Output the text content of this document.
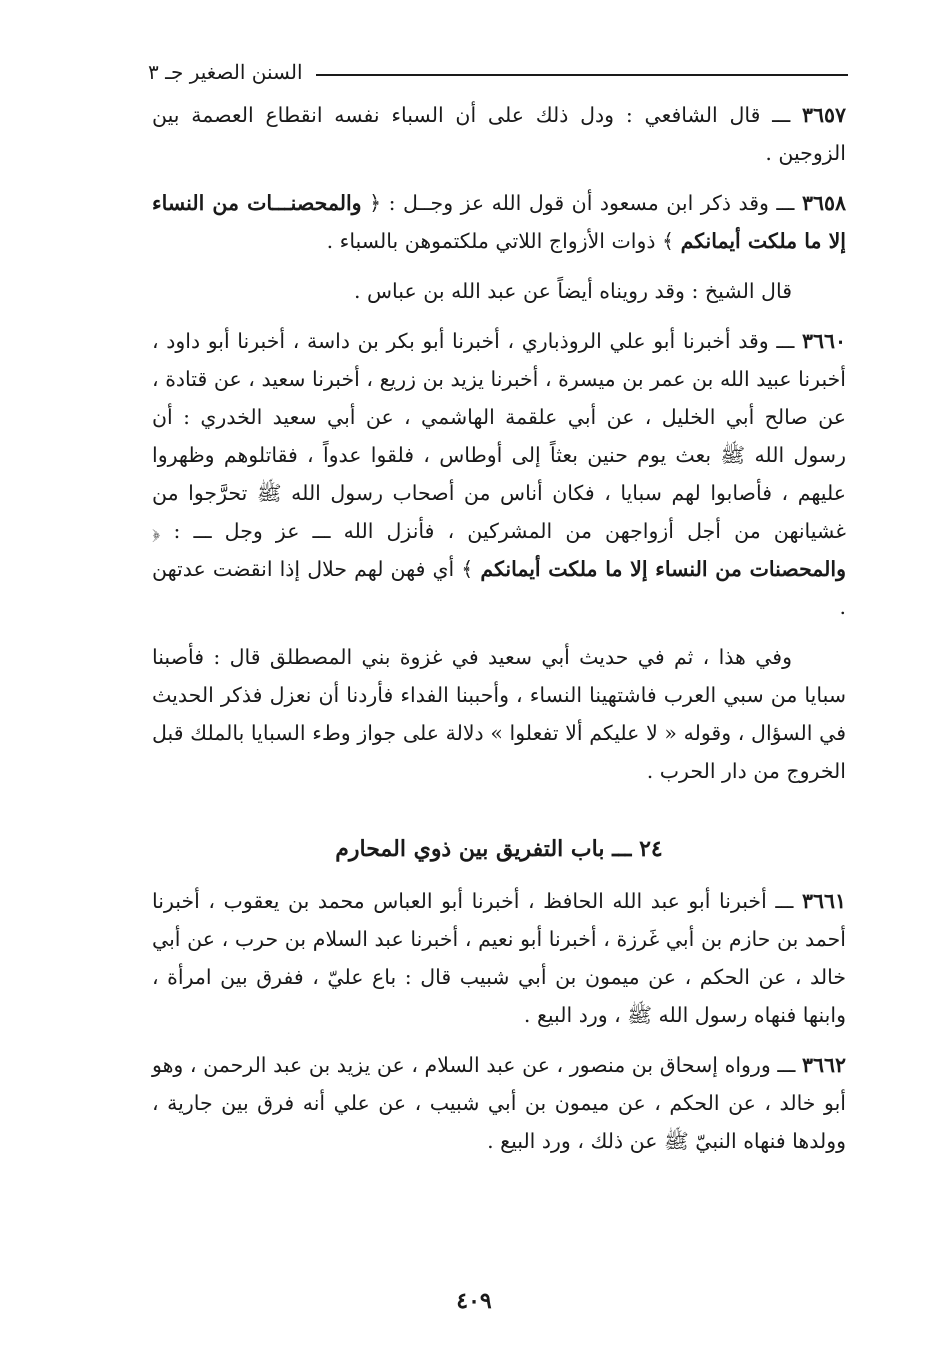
السنن الصغير جـ ٣

٣٦٥٧ ـــ قال الشافعي : ودل ذلك على أن السباء نفسه انقطاع العصمة بين الزوجين .

٣٦٥٨ ـــ وقد ذكر ابن مسعود أن قول الله عز وجــل : ﴿ والمحصنـــات من النساء إلا ما ملكت أيمانكم ﴾ ذوات الأزواج اللاتي ملكتموهن بالسباء .

قال الشيخ : وقد رويناه أيضاً عن عبد الله بن عباس .

٣٦٦٠ ـــ وقد أخبرنا أبو علي الروذباري ، أخبرنا أبو بكر بن داسة ، أخبرنا أبو داود ، أخبرنا عبيد الله بن عمر بن ميسرة ، أخبرنا يزيد بن زريع ، أخبرنا سعيد ، عن قتادة ، عن صالح أبي الخليل ، عن أبي علقمة الهاشمي ، عن أبي سعيد الخدري : أن رسول الله ﷺ بعث يوم حنين بعثاً إلى أوطاس ، فلقوا عدواً ، فقاتلوهم وظهروا عليهم ، فأصابوا لهم سبايا ، فكان أناس من أصحاب رسول الله ﷺ تحرَّجوا من غشيانهن من أجل أزواجهن من المشركين ، فأنزل الله ـــ عز وجل ـــ : ﴿ والمحصنات من النساء إلا ما ملكت أيمانكم ﴾ أي فهن لهم حلال إذا انقضت عدتهن .

وفي هذا ، ثم في حديث أبي سعيد في غزوة بني المصطلق قال : فأصبنا سبايا من سبي العرب فاشتهينا النساء ، وأحببنا الفداء فأردنا أن نعزل فذكر الحديث في السؤال ، وقوله « لا عليكم ألا تفعلوا » دلالة على جواز وطء السبايا بالملك قبل الخروج من دار الحرب .

٢٤ ـــ باب التفريق بين ذوي المحارم

٣٦٦١ ـــ أخبرنا أبو عبد الله الحافظ ، أخبرنا أبو العباس محمد بن يعقوب ، أخبرنا أحمد بن حازم بن أبي غَرزة ، أخبرنا أبو نعيم ، أخبرنا عبد السلام بن حرب ، عن أبي خالد ، عن الحكم ، عن ميمون بن أبي شبيب قال : باع عليّ ، ففرق بين امرأة ، وابنها فنهاه رسول الله ﷺ ، ورد البيع .

٣٦٦٢ ـــ ورواه إسحاق بن منصور ، عن عبد السلام ، عن يزيد بن عبد الرحمن ، وهو أبو خالد ، عن الحكم ، عن ميمون بن أبي شبيب ، عن علي أنه فرق بين جارية ، وولدها فنهاه النبيّ ﷺ عن ذلك ، ورد البيع .

٤٠٩
